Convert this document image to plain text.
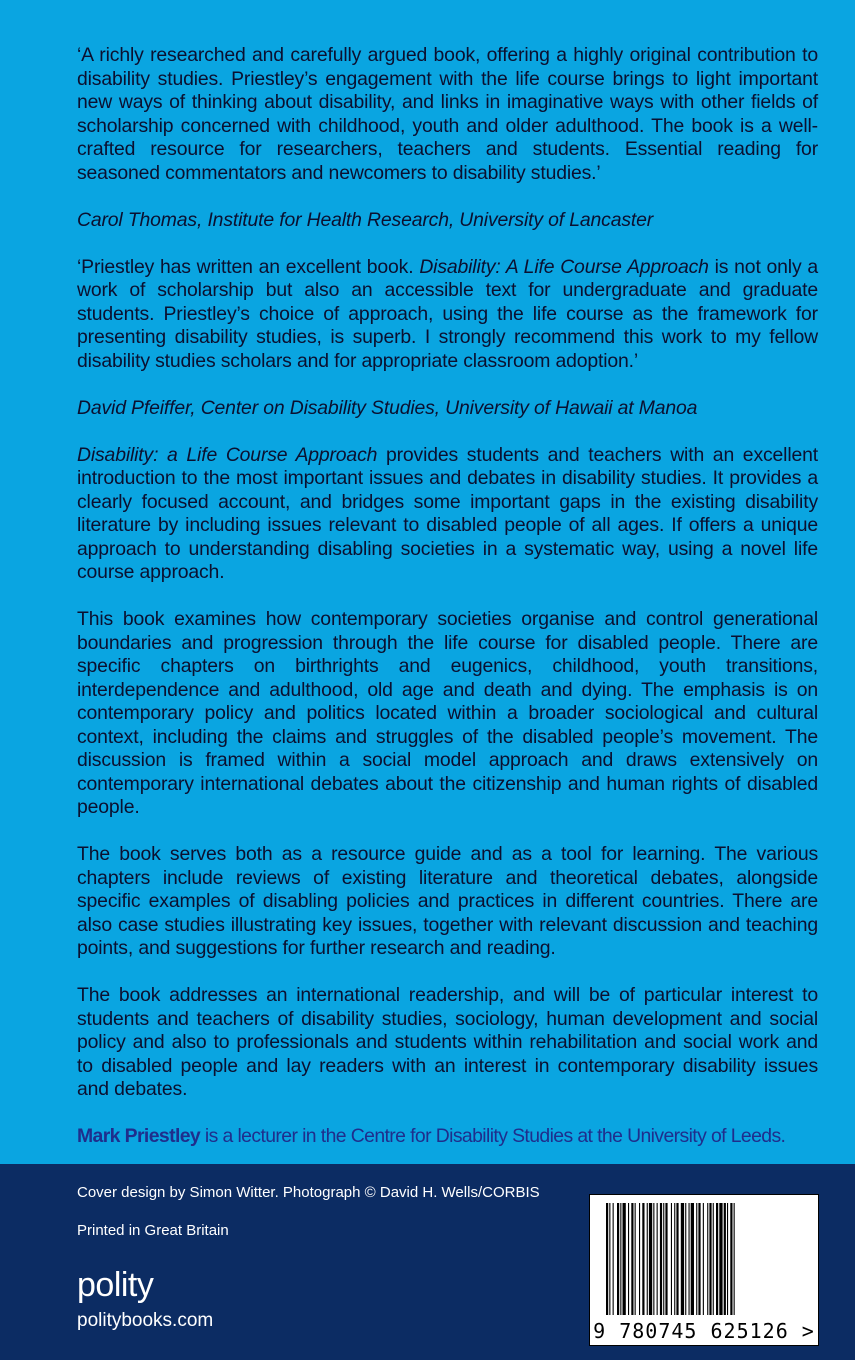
‘A richly researched and carefully argued book, offering a highly original contribution to disability studies. Priestley’s engagement with the life course brings to light important new ways of thinking about disability, and links in imaginative ways with other fields of scholarship concerned with childhood, youth and older adulthood. The book is a well-crafted resource for researchers, teachers and students. Essential reading for seasoned commentators and newcomers to disability studies.’

Carol Thomas, Institute for Health Research, University of Lancaster

‘Priestley has written an excellent book. Disability: A Life Course Approach is not only a work of scholarship but also an accessible text for undergraduate and graduate students. Priestley’s choice of approach, using the life course as the framework for presenting disability studies, is superb. I strongly recommend this work to my fellow disability studies scholars and for appropriate classroom adoption.’

David Pfeiffer, Center on Disability Studies, University of Hawaii at Manoa

Disability: a Life Course Approach provides students and teachers with an excellent introduction to the most important issues and debates in disability studies. It provides a clearly focused account, and bridges some important gaps in the existing disability literature by including issues relevant to disabled people of all ages. If offers a unique approach to understanding disabling societies in a systematic way, using a novel life course approach.

This book examines how contemporary societies organise and control generational boundaries and progression through the life course for disabled people. There are specific chapters on birthrights and eugenics, childhood, youth transitions, interdependence and adulthood, old age and death and dying. The emphasis is on contemporary policy and politics located within a broader sociological and cultural context, including the claims and struggles of the disabled people’s movement. The discussion is framed within a social model approach and draws extensively on contemporary international debates about the citizenship and human rights of disabled people.

The book serves both as a resource guide and as a tool for learning. The various chapters include reviews of existing literature and theoretical debates, alongside specific examples of disabling policies and practices in different countries. There are also case studies illustrating key issues, together with relevant discussion and teaching points, and suggestions for further research and reading.

The book addresses an international readership, and will be of particular interest to students and teachers of disability studies, sociology, human development and social policy and also to professionals and students within rehabilitation and social work and to disabled people and lay readers with an interest in contemporary disability issues and debates.

Mark Priestley is a lecturer in the Centre for Disability Studies at the University of Leeds.

Cover design by Simon Witter. Photograph © David H. Wells/CORBIS
Printed in Great Britain
polity
politybooks.com	9 780745 625126 >
